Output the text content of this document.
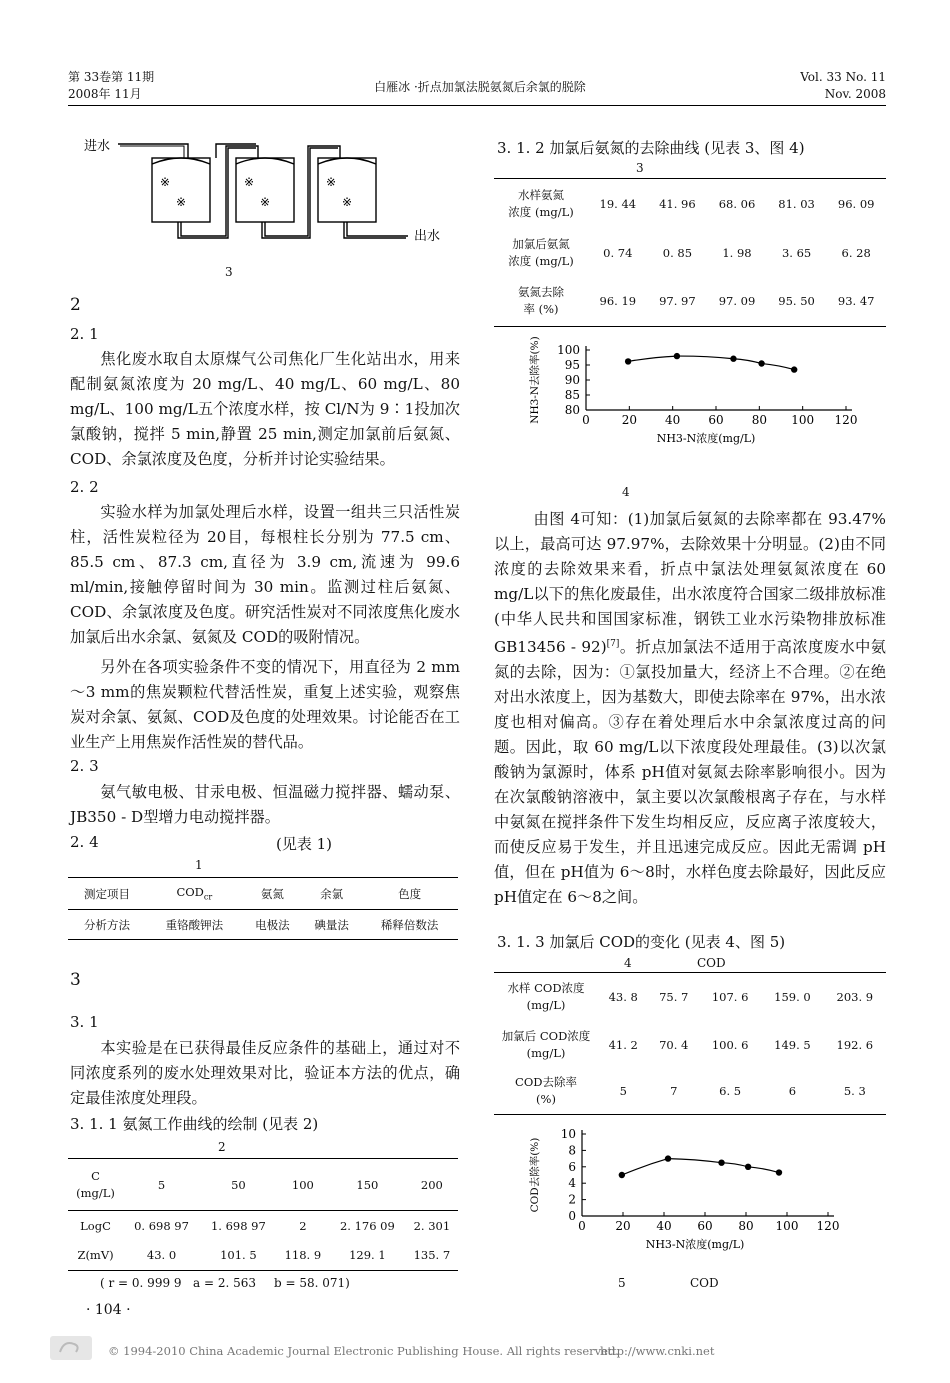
第 33卷第 11期
2008年 11月	白雁冰 ·折点加氯法脱氨氮后余氯的脱除
Vol. 33 No. 11
Nov. 2008
进水
※
※
※
※
※
※
出水
3
2
2. 1
焦化废水取自太原煤气公司焦化厂生化站出水，用来配制氨氮浓度为 20 mg/L、40 mg/L、60 mg/L、80 mg/L、100 mg/L五个浓度水样，按 Cl/N为 9∶1投加次氯酸钠，搅拌 5 min,静置 25 min,测定加氯前后氨氮、COD、余氯浓度及色度，分析并讨论实验结果。
2. 2
实验水样为加氯处理后水样，设置一组共三只活性炭柱，活性炭粒径为 20目，每根柱长分别为 77.5 cm、85.5 cm、87.3 cm,直径为 3.9 cm,流速为 99.6 ml/min,接触停留时间为 30 min。监测过柱后氨氮、COD、余氯浓度及色度。研究活性炭对不同浓度焦化废水加氯后出水余氯、氨氮及 COD的吸附情况。
另外在各项实验条件不变的情况下，用直径为 2 mm～3 mm的焦炭颗粒代替活性炭，重复上述实验，观察焦炭对余氯、氨氮、COD及色度的处理效果。讨论能否在工业生产上用焦炭作活性炭的替代品。
2. 3
氨气敏电极、甘汞电极、恒温磁力搅拌器、蠕动泵、JB350 - D型增力电动搅拌器。
2. 4	(见表 1)
1
测定项目	$COD_{cr}$	氨氮	余氯	色度
分析方法	重铬酸钾法	电极法	碘量法	稀释倍数法
3
3. 1
本实验是在已获得最佳反应条件的基础上，通过对不同浓度系列的废水处理效果对比，验证本方法的优点，确定最佳浓度处理段。
3. 1. 1 氨氮工作曲线的绘制 (见表 2)
2
C
(mg/L)	5	50	100	150	200
LogC	0. 698 97	1. 698 97	2	2. 176 09	2. 301
Z(mV)	43. 0	101. 5	118. 9	129. 1	135. 7
( r = 0. 999 9 a = 2. 563 b = 58. 071)
· 104 ·
3. 1. 2 加氯后氨氮的去除曲线 (见表 3、图 4)
3
水样氨氮
浓度 (mg/L)	19. 44	41. 96	68. 06	81. 03	96. 09

加氯后氨氮
浓度 (mg/L)	0. 74	0. 85	1. 98	3. 65	6. 28

氨氮去除
率 (%)	96. 19	97. 97	97. 09	95. 50	93. 47
80
85
90
95
100
0	20 40 60 80 100 120
NH3-N浓度(mg/L)
NH3-N去除率(%)
4
由图 4可知：(1)加氯后氨氮的去除率都在 93.47%以上，最高可达 97.97%，去除效果十分明显。(2)由不同浓度的去除效果来看，折点中氯法处理氨氮浓度在 60 mg/L以下的焦化废最佳，出水浓度符合国家二级排放标准 (中华人民共和国国家标准，钢铁工业水污染物排放标准 GB13456 - 92)[7]。折点加氯法不适用于高浓度废水中氨氮的去除，因为：①氯投加量大，经济上不合理。②在绝对出水浓度上，因为基数大，即使去除率在 97%，出水浓度也相对偏高。③存在着处理后水中余氯浓度过高的问题。因此，取 60 mg/L以下浓度段处理最佳。(3)以次氯酸钠为氯源时，体系 pH值对氨氮去除率影响很小。因为在次氯酸钠溶液中，氯主要以次氯酸根离子存在，与水样中氨氮在搅拌条件下发生均相反应，反应离子浓度较大，而使反应易于发生，并且迅速完成反应。因此无需调 pH值，但在 pH值为 6～8时，水样色度去除最好，因此反应 pH值定在 6～8之间。
3. 1. 3 加氯后 COD的变化 (见表 4、图 5)
4	COD
水样 COD浓度
(mg/L)	43. 8	75. 7	107. 6	159. 0	203. 9

加氯后 COD浓度
(mg/L)	41. 2	70. 4	100. 6	149. 5	192. 6

COD去除率
(%)	5	7	6. 5	6	5. 3
0
2
4
6
8
10
0 20 40 60 80 100 120
NH3-N浓度(mg/L)
COD去除率(%)
5	COD
© 1994-2010 China Academic Journal Electronic Publishing House. All rights reserved.
http://www.cnki.net
